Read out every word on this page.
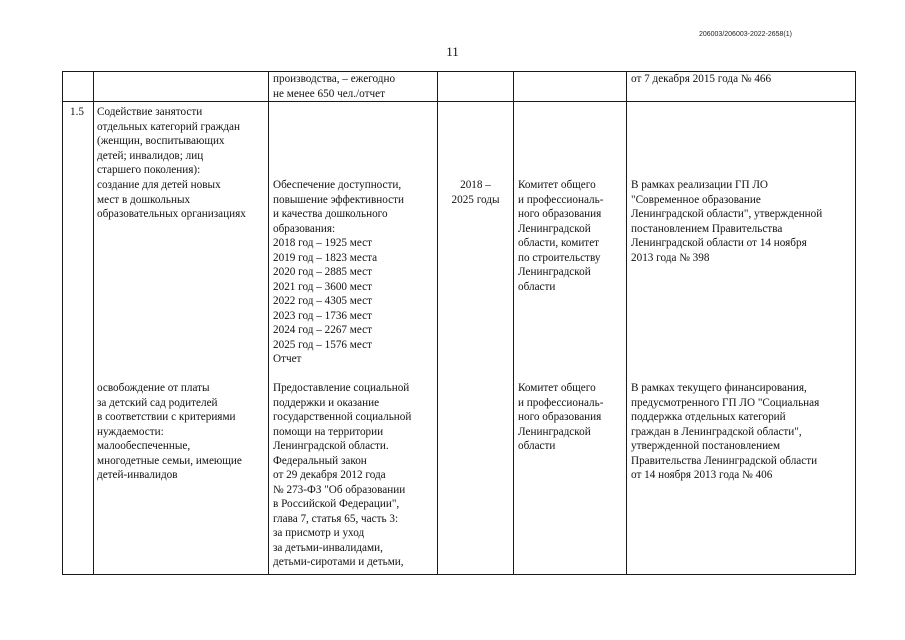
206003/206003-2022-2658(1)
11
производства, – ежегодно
не менее 650 чел./отчет
от 7 декабря 2015 года № 466
1.5	Содействие занятости
отдельных категорий граждан
(женщин, воспитывающих
детей; инвалидов; лиц
старшего поколения):
создание для детей новых
мест в дошкольных
образовательных организациях
Обеспечение доступности,
повышение эффективности
и качества дошкольного
образования:
2018 год – 1925 мест
2019 год – 1823 места
2020 год – 2885 мест
2021 год – 3600 мест
2022 год – 4305 мест
2023 год – 1736 мест
2024 год – 2267 мест
2025 год – 1576 мест
Отчет
2018 –
2025 годы
Комитет общего
и профессиональ-
ного образования
Ленинградской
области, комитет
по строительству
Ленинградской
области
В рамках реализации ГП ЛО
"Современное образование
Ленинградской области", утвержденной
постановлением Правительства
Ленинградской области от 14 ноября
2013 года № 398
освобождение от платы
за детский сад родителей
в соответствии с критериями
нуждаемости:
малообеспеченные,
многодетные семьи, имеющие
детей-инвалидов
Предоставление социальной
поддержки и оказание
государственной социальной
помощи на территории
Ленинградской области.
Федеральный закон
от 29 декабря 2012 года
№ 273-ФЗ "Об образовании
в Российской Федерации",
глава 7, статья 65, часть 3:
за присмотр и уход
за детьми-инвалидами,
детьми-сиротами и детьми,
Комитет общего
и профессиональ-
ного образования
Ленинградской
области
В рамках текущего финансирования,
предусмотренного ГП ЛО "Социальная
поддержка отдельных категорий
граждан в Ленинградской области",
утвержденной постановлением
Правительства Ленинградской области
от 14 ноября 2013 года № 406
